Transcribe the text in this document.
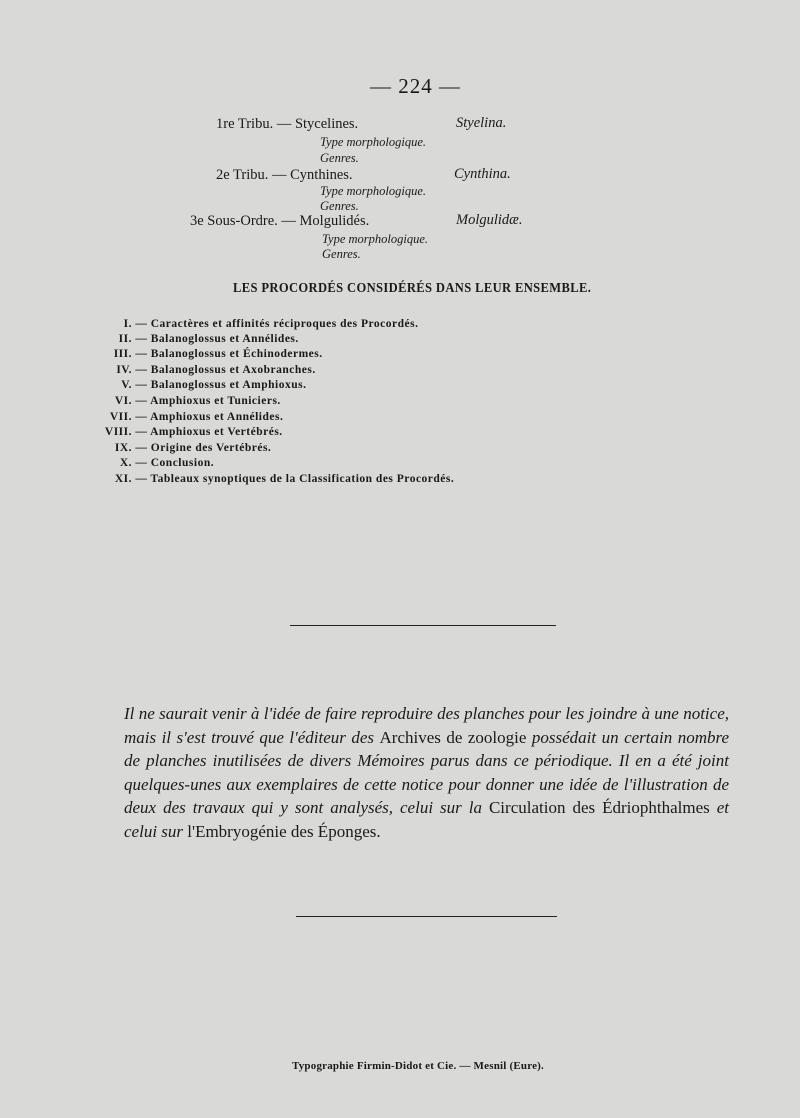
— 224 —
1re Tribu. — Stycelines.	Styelina.
Type morphologique.
Genres.
2e Tribu. — Cynthines.	Cynthina.
Type morphologique.
Genres.
3e Sous-Ordre. — Molgulidés.	Molgulidæ.
Type morphologique.
Genres.
LES PROCORDÉS CONSIDÉRÉS DANS LEUR ENSEMBLE.
I. — Caractères et affinités réciproques des Procordés.
II. — Balanoglossus et Annélides.
III. — Balanoglossus et Échinodermes.
IV. — Balanoglossus et Axobranches.
V. — Balanoglossus et Amphioxus.
VI. — Amphioxus et Tuniciers.
VII. — Amphioxus et Annélides.
VIII. — Amphioxus et Vertébrés.
IX. — Origine des Vertébrés.
X. — Conclusion.
XI. — Tableaux synoptiques de la Classification des Procordés.
Il ne saurait venir à l'idée de faire reproduire des planches pour les joindre à une notice, mais il s'est trouvé que l'éditeur des Archives de zoologie possédait un certain nombre de planches inutilisées de divers Mémoires parus dans ce périodique. Il en a été joint quelques-unes aux exemplaires de cette notice pour donner une idée de l'illustration de deux des travaux qui y sont analysés, celui sur la Circulation des Édriophthalmes et celui sur l'Embryogénie des Éponges.
Typographie Firmin-Didot et Cie. — Mesnil (Eure).
